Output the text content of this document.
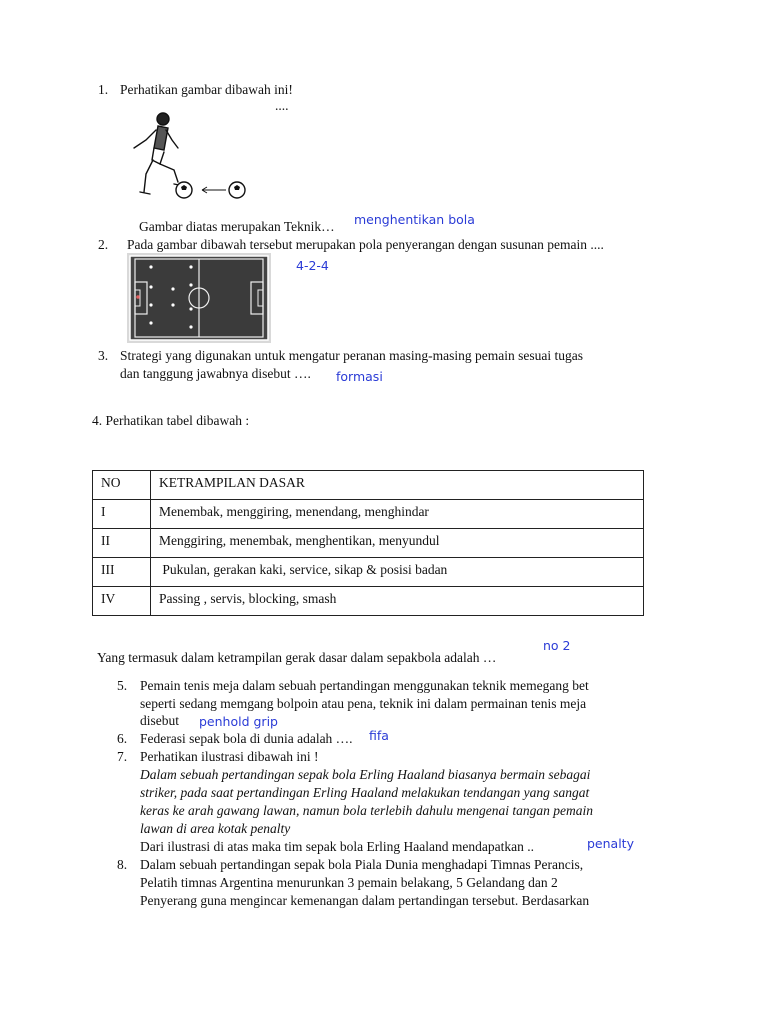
1. Perhatikan gambar dibawah ini!
....
Gambar diatas merupakan Teknik… menghentikan bola
2. Pada gambar dibawah tersebut merupakan pola penyerangan dengan susunan pemain ....
4-2-4
3. Strategi yang digunakan untuk mengatur peranan masing-masing pemain sesuai tugas
dan tanggung jawabnya disebut …. formasi
4. Perhatikan tabel dibawah :
NO	KETRAMPILAN DASAR
I	Menembak, menggiring, menendang, menghindar
II	Menggiring, menembak, menghentikan, menyundul
III	Pukulan, gerakan kaki, service, sikap & posisi badan
IV	Passing , servis, blocking, smash
no 2
Yang termasuk dalam ketrampilan gerak dasar dalam sepakbola adalah …
5. Pemain tenis meja dalam sebuah pertandingan menggunakan teknik memegang bet
seperti sedang memgang bolpoin atau pena, teknik ini dalam permainan tenis meja
disebut penhold grip
6. Federasi sepak bola di dunia adalah …. fifa
7. Perhatikan ilustrasi dibawah ini !
Dalam sebuah pertandingan sepak bola Erling Haaland biasanya bermain sebagai
striker, pada saat pertandingan Erling Haaland melakukan tendangan yang sangat
keras ke arah gawang lawan, namun bola terlebih dahulu mengenai tangan pemain
lawan di area kotak penalty
Dari ilustrasi di atas maka tim sepak bola Erling Haaland mendapatkan ..	penalty
8. Dalam sebuah pertandingan sepak bola Piala Dunia menghadapi Timnas Perancis,
Pelatih timnas Argentina menurunkan 3 pemain belakang, 5 Gelandang dan 2
Penyerang guna mengincar kemenangan dalam pertandingan tersebut. Berdasarkan
